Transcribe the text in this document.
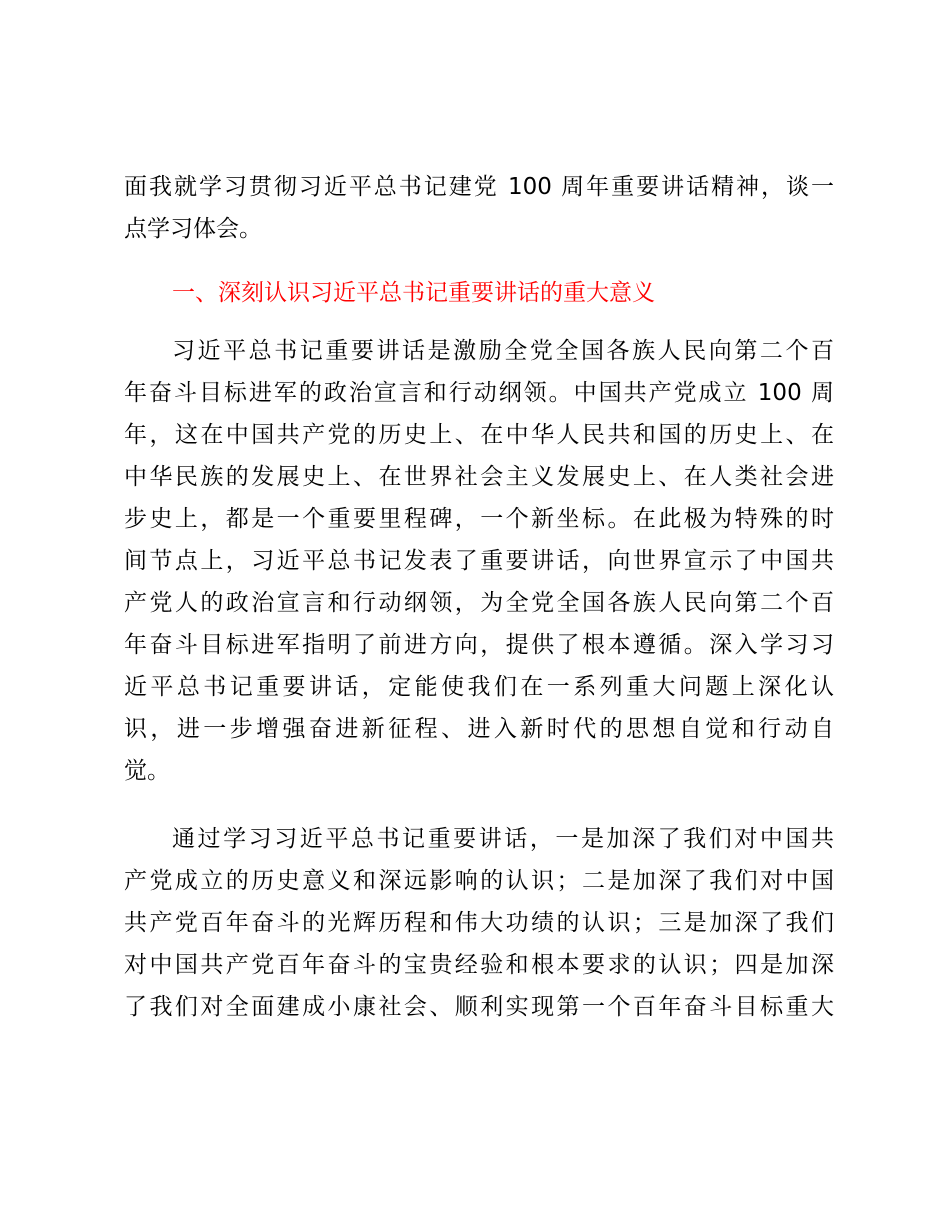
面我就学习贯彻习近平总书记建党 100 周年重要讲话精神，谈一
点学习体会。
一、深刻认识习近平总书记重要讲话的重大意义
习近平总书记重要讲话是激励全党全国各族人民向第二个百
年奋斗目标进军的政治宣言和行动纲领。中国共产党成立 100 周
年，这在中国共产党的历史上、在中华人民共和国的历史上、在
中华民族的发展史上、在世界社会主义发展史上、在人类社会进
步史上，都是一个重要里程碑，一个新坐标。在此极为特殊的时
间节点上，习近平总书记发表了重要讲话，向世界宣示了中国共
产党人的政治宣言和行动纲领，为全党全国各族人民向第二个百
年奋斗目标进军指明了前进方向，提供了根本遵循。深入学习习
近平总书记重要讲话，定能使我们在一系列重大问题上深化认
识，进一步增强奋进新征程、进入新时代的思想自觉和行动自
觉。
通过学习习近平总书记重要讲话，一是加深了我们对中国共
产党成立的历史意义和深远影响的认识；二是加深了我们对中国
共产党百年奋斗的光辉历程和伟大功绩的认识；三是加深了我们
对中国共产党百年奋斗的宝贵经验和根本要求的认识；四是加深
了我们对全面建成小康社会、顺利实现第一个百年奋斗目标重大
